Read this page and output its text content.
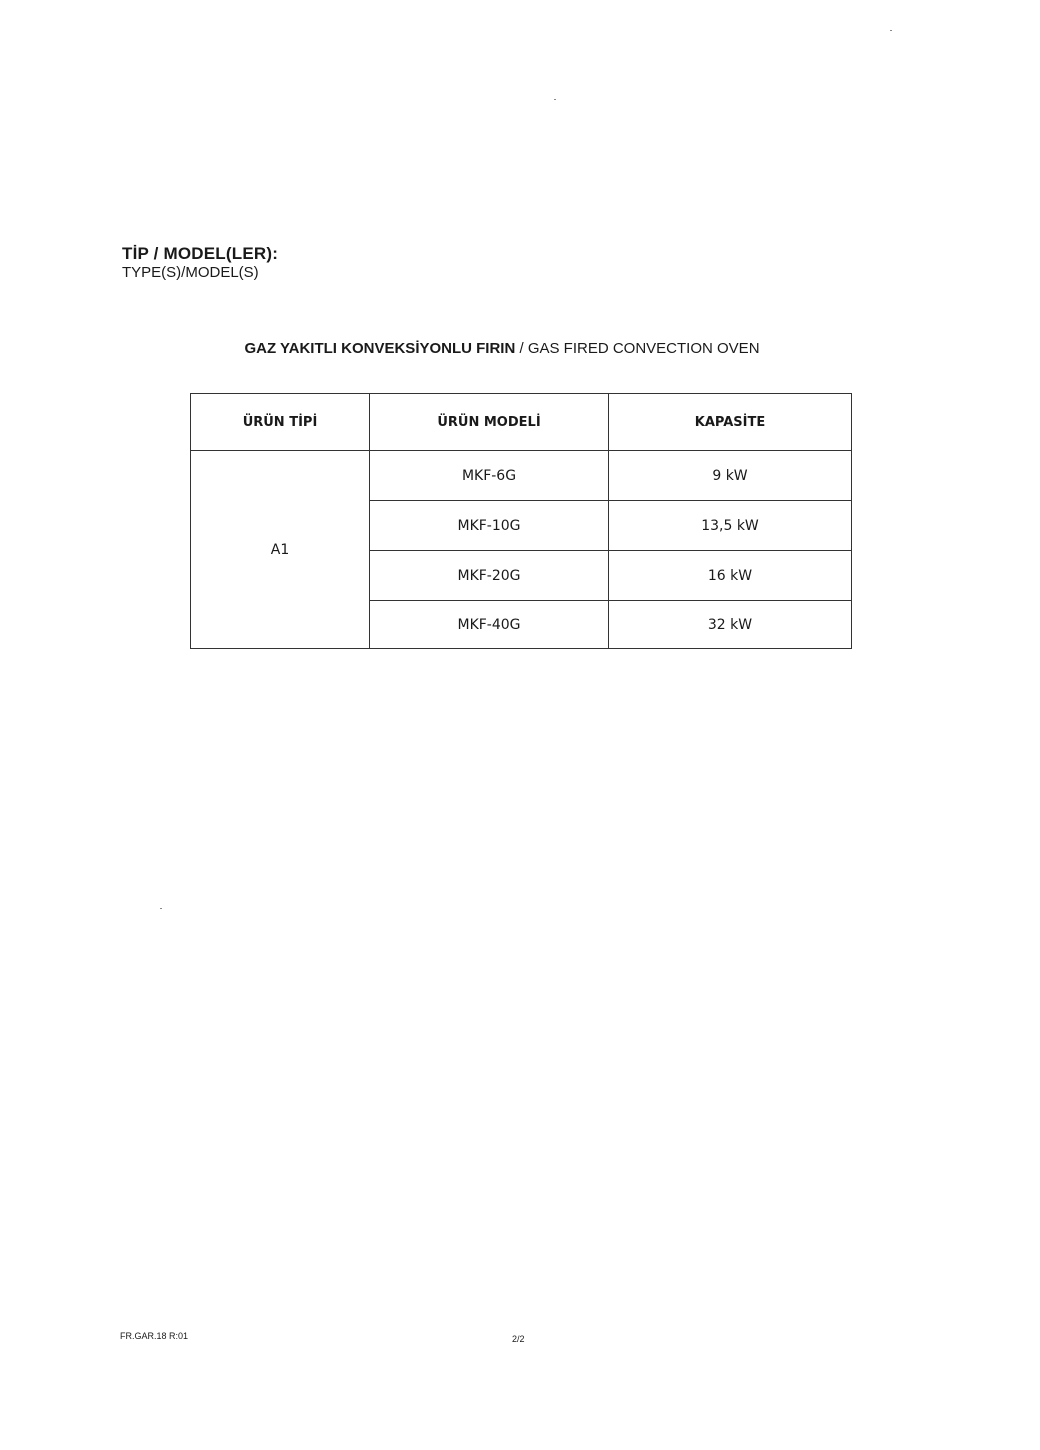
TİP / MODEL(LER):
TYPE(S)/MODEL(S)
GAZ YAKITLI KONVEKSİYONLU FIRIN / GAS FIRED CONVECTION OVEN
ÜRÜN TİPİ	ÜRÜN MODELİ	KAPASİTE
A1	MKF-6G	9 kW
	MKF-10G	13,5 kW
	MKF-20G	16 kW
	MKF-40G	32 kW
FR.GAR.18 R:01	2/2
